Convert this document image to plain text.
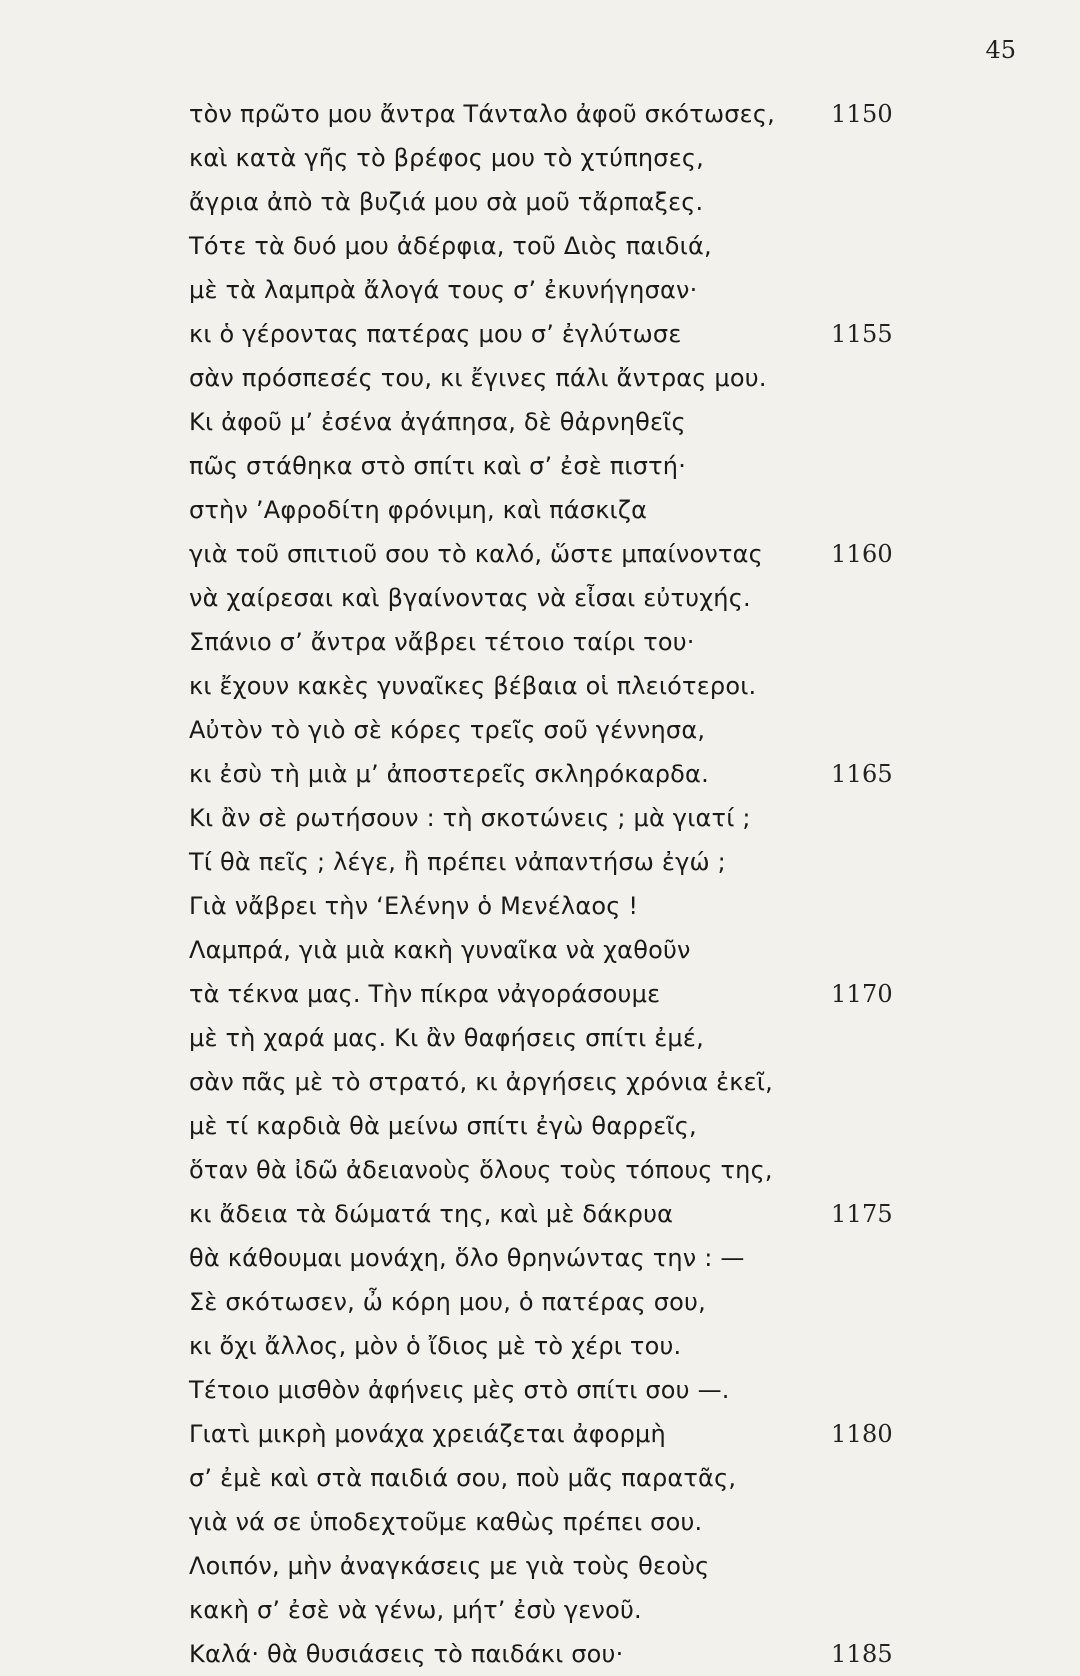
45
τὸν πρῶτο μου ἄντρα Τάνταλο ἀφοῦ σκότωσες, 1150
καὶ κατὰ γῆς τὸ βρέφος μου τὸ χτύπησες,
ἄγρια ἀπὸ τὰ βυζιά μου σὰ μοῦ τἄρπαξες.
Τότε τὰ δυό μου ἀδέρφια, τοῦ Διὸς παιδιά,
μὲ τὰ λαμπρὰ ἄλογά τους σ’ ἐκυνήγησαν·
κι ὁ γέροντας πατέρας μου σ’ ἐγλύτωσε	1155
σὰν πρόσπεσές του, κι ἔγινες πάλι ἄντρας μου.
Κι ἀφοῦ μ’ ἐσένα ἀγάπησα, δὲ θἀρνηθεῖς
πῶς στάθηκα στὸ σπίτι καὶ σ’ ἐσὲ πιστή·
στὴν ’Αφροδίτη φρόνιμη, καὶ πάσκιζα
γιὰ τοῦ σπιτιοῦ σου τὸ καλό, ὥστε μπαίνοντας	1160
νὰ χαίρεσαι καὶ βγαίνοντας νὰ εἶσαι εὐτυχής.
Σπάνιο σ’ ἄντρα νἄβρει τέτοιο ταίρι του·
κι ἔχουν κακὲς γυναῖκες βέβαια οἱ πλειότεροι.
Αὐτὸν τὸ γιὸ σὲ κόρες τρεῖς σοῦ γέννησα,
κι ἐσὺ τὴ μιὰ μ’ ἀποστερεῖς σκληρόκαρδα.	1165
Κι ἂν σὲ ρωτήσουν : τὴ σκοτώνεις ; μὰ γιατί ;
Τί θὰ πεῖς ; λέγε, ἢ πρέπει νἀπαντήσω ἐγώ ;
Γιὰ νἄβρει τὴν ‘Ελένην ὁ Μενέλαος !
Λαμπρά, γιὰ μιὰ κακὴ γυναῖκα νὰ χαθοῦν
τὰ τέκνα μας. Τὴν πίκρα νἀγοράσουμε	1170
μὲ τὴ χαρά μας. Κι ἂν θαφήσεις σπίτι ἐμέ,
σὰν πᾶς μὲ τὸ στρατό, κι ἀργήσεις χρόνια ἐκεῖ,
μὲ τί καρδιὰ θὰ μείνω σπίτι ἐγὼ θαρρεῖς,
ὅταν θὰ ἰδῶ ἀδειανοὺς ὅλους τοὺς τόπους της,
κι ἄδεια τὰ δώματά της, καὶ μὲ δάκρυα	1175
θὰ κάθουμαι μονάχη, ὅλο θρηνώντας την : —
Σὲ σκότωσεν, ὦ κόρη μου, ὁ πατέρας σου,
κι ὄχι ἄλλος, μὸν ὁ ἴδιος μὲ τὸ χέρι του.
Τέτοιο μισθὸν ἀφήνεις μὲς στὸ σπίτι σου —.
Γιατὶ μικρὴ μονάχα χρειάζεται ἀφορμὴ	1180
σ’ ἐμὲ καὶ στὰ παιδιά σου, ποὺ μᾶς παρατᾶς,
γιὰ νά σε ὑποδεχτοῦμε καθὼς πρέπει σου.
Λοιπόν, μὴν ἀναγκάσεις με γιὰ τοὺς θεοὺς
κακὴ σ’ ἐσὲ νὰ γένω, μήτ’ ἐσὺ γενοῦ.
Καλά· θὰ θυσιάσεις τὸ παιδάκι σου·	1185
